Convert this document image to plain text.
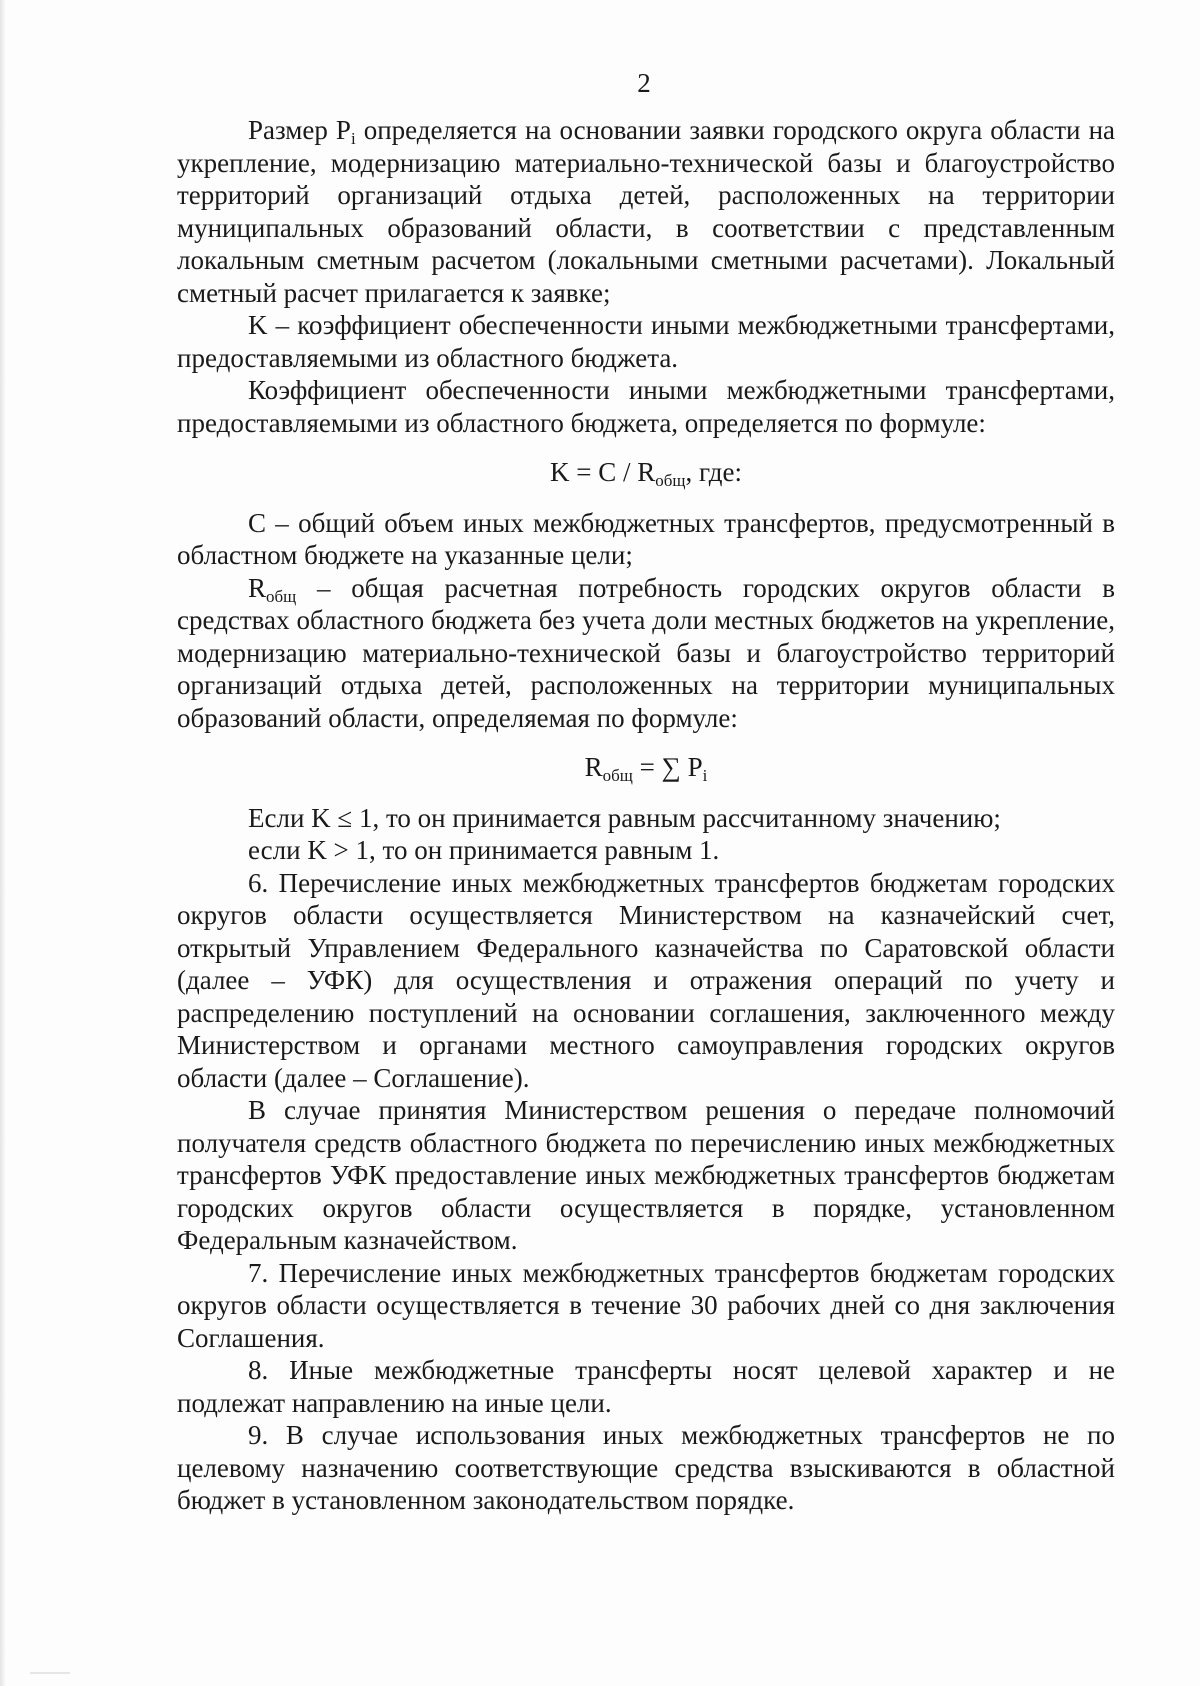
2

Размер $P_i$ определяется на основании заявки городского округа области на укрепление, модернизацию материально-технической базы и благоустройство территорий организаций отдыха детей, расположенных на территории муниципальных образований области, в соответствии с представленным локальным сметным расчетом (локальными сметными расчетами). Локальный сметный расчет прилагается к заявке;

K – коэффициент обеспеченности иными межбюджетными трансфертами, предоставляемыми из областного бюджета.

Коэффициент обеспеченности иными межбюджетными трансфертами, предоставляемыми из областного бюджета, определяется по формуле:

$K = C / R_{общ}$, где:

C – общий объем иных межбюджетных трансфертов, предусмотренный в областном бюджете на указанные цели;

$R_{общ}$ – общая расчетная потребность городских округов области в средствах областного бюджета без учета доли местных бюджетов на укрепление, модернизацию материально-технической базы и благоустройство территорий организаций отдыха детей, расположенных на территории муниципальных образований области, определяемая по формуле:

$R_{общ}$ = ∑ $P_i$

Если K ≤ 1, то он принимается равным рассчитанному значению;

если K > 1, то он принимается равным 1.

6. Перечисление иных межбюджетных трансфертов бюджетам городских округов области осуществляется Министерством на казначейский счет, открытый Управлением Федерального казначейства по Саратовской области (далее – УФК) для осуществления и отражения операций по учету и распределению поступлений на основании соглашения, заключенного между Министерством и органами местного самоуправления городских округов области (далее – Соглашение).

В случае принятия Министерством решения о передаче полномочий получателя средств областного бюджета по перечислению иных межбюджетных трансфертов УФК предоставление иных межбюджетных трансфертов бюджетам городских округов области осуществляется в порядке, установленном Федеральным казначейством.

7. Перечисление иных межбюджетных трансфертов бюджетам городских округов области осуществляется в течение 30 рабочих дней со дня заключения Соглашения.

8. Иные межбюджетные трансферты носят целевой характер и не подлежат направлению на иные цели.

9. В случае использования иных межбюджетных трансфертов не по целевому назначению соответствующие средства взыскиваются в областной бюджет в установленном законодательством порядке.
